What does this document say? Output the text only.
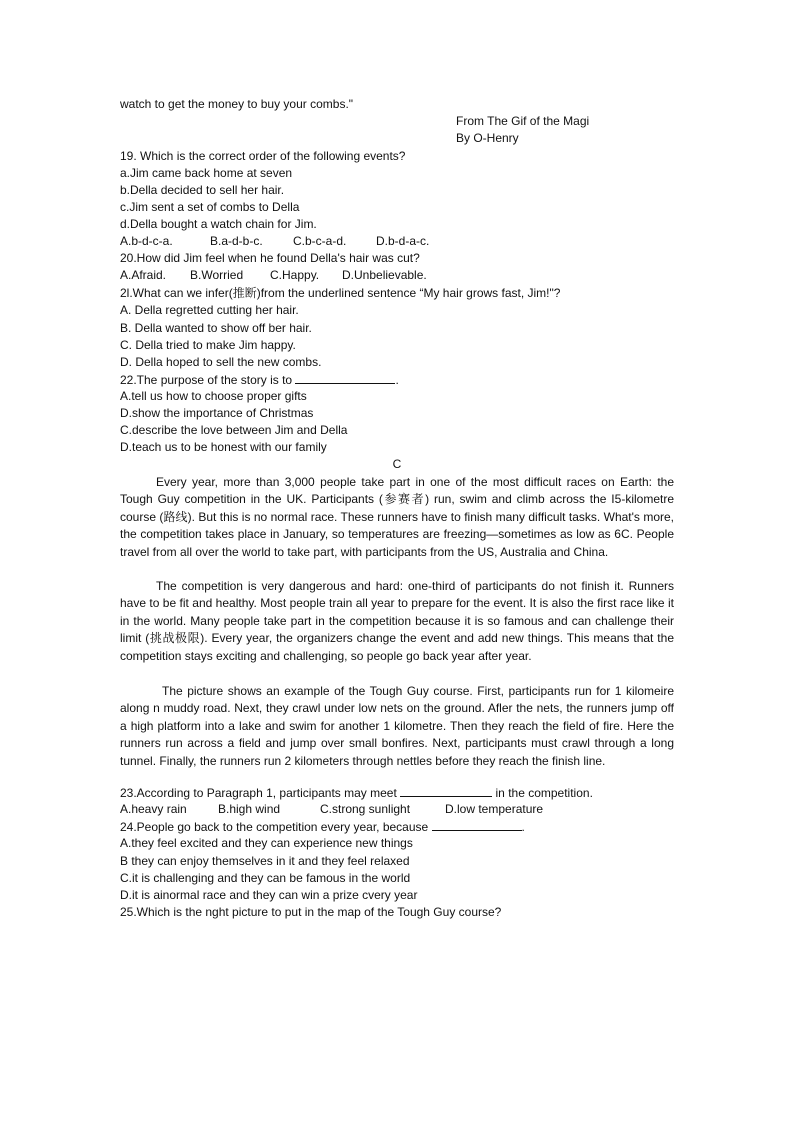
watch to get the money to buy your combs."
From The Gif of the Magi
By O-Henry
19. Which is the correct order of the following events?
a.Jim came back home at seven
b.Della decided to sell her hair.
c.Jim sent a set of combs to Della
d.Della bought a watch chain for Jim.
A.b-d-c-a.	B.a-d-b-c.	C.b-c-a-d. D.b-d-a-c.
20.How did Jim feel when he found Della's hair was cut?
A.Afraid. B.Worried C.Happy. D.Unbelievable.
2l.What can we infer(推断)from the underlined sentence “My hair grows fast, Jim!"?
A. Della regretted cutting her hair.
B. Della wanted to show off ber hair.
C. Della tried to make Jim happy.
D. Della hoped to sell the new combs.
22.The purpose of the story is to	.
A.tell us how to choose proper gifts
D.show the importance of Christmas
C.describe the love between Jim and Della
D.teach us to be honest with our family
C

Every year, more than 3,000 people take part in one of the most difficult races on Earth: the Tough Guy competition in the UK. Participants (参赛者) run, swim and climb across the I5-kilometre course (路线). But this is no normal race. These runners have to finish many difficult tasks. What's more, the competition takes place in January, so temperatures are freezing—sometimes as low as 6C. People travel from all over the world to take part, with participants from the US, Australia and China.

The competition is very dangerous and hard: one-third of participants do not finish it. Runners have to be fit and healthy. Most people train all year to prepare for the event. It is also the first race like it in the world. Many people take part in the competition because it is so famous and can challenge their limit (挑战极限). Every year, the organizers change the event and add new things. This means that the competition stays exciting and challenging, so people go back year after year.

The picture shows an example of the Tough Guy course. First, participants run for 1 kilomeire along n muddy road. Next, they crawl under low nets on the ground. Afler the nets, the runners jump off a high platform into a lake and swim for another 1 kilometre. Then they reach the field of fire. Here the runners run across a field and jump over small bonfires. Next, participants must crawl through a long tunnel. Finally, the runners run 2 kilometers through nettles before they reach the finish line.

23.According to Paragraph 1, participants may meet	in the competition.
A.heavy rain	B.high wind	C.strong sunlight	D.low temperature
24.People go back to the competition every year, because	.
A.they feel excited and they can experience new things
B they can enjoy themselves in it and they feel relaxed
C.it is challenging and they can be famous in the world
D.it is ainormal race and they can win a prize cvery year
25.Which is the nght picture to put in the map of the Tough Guy course?
